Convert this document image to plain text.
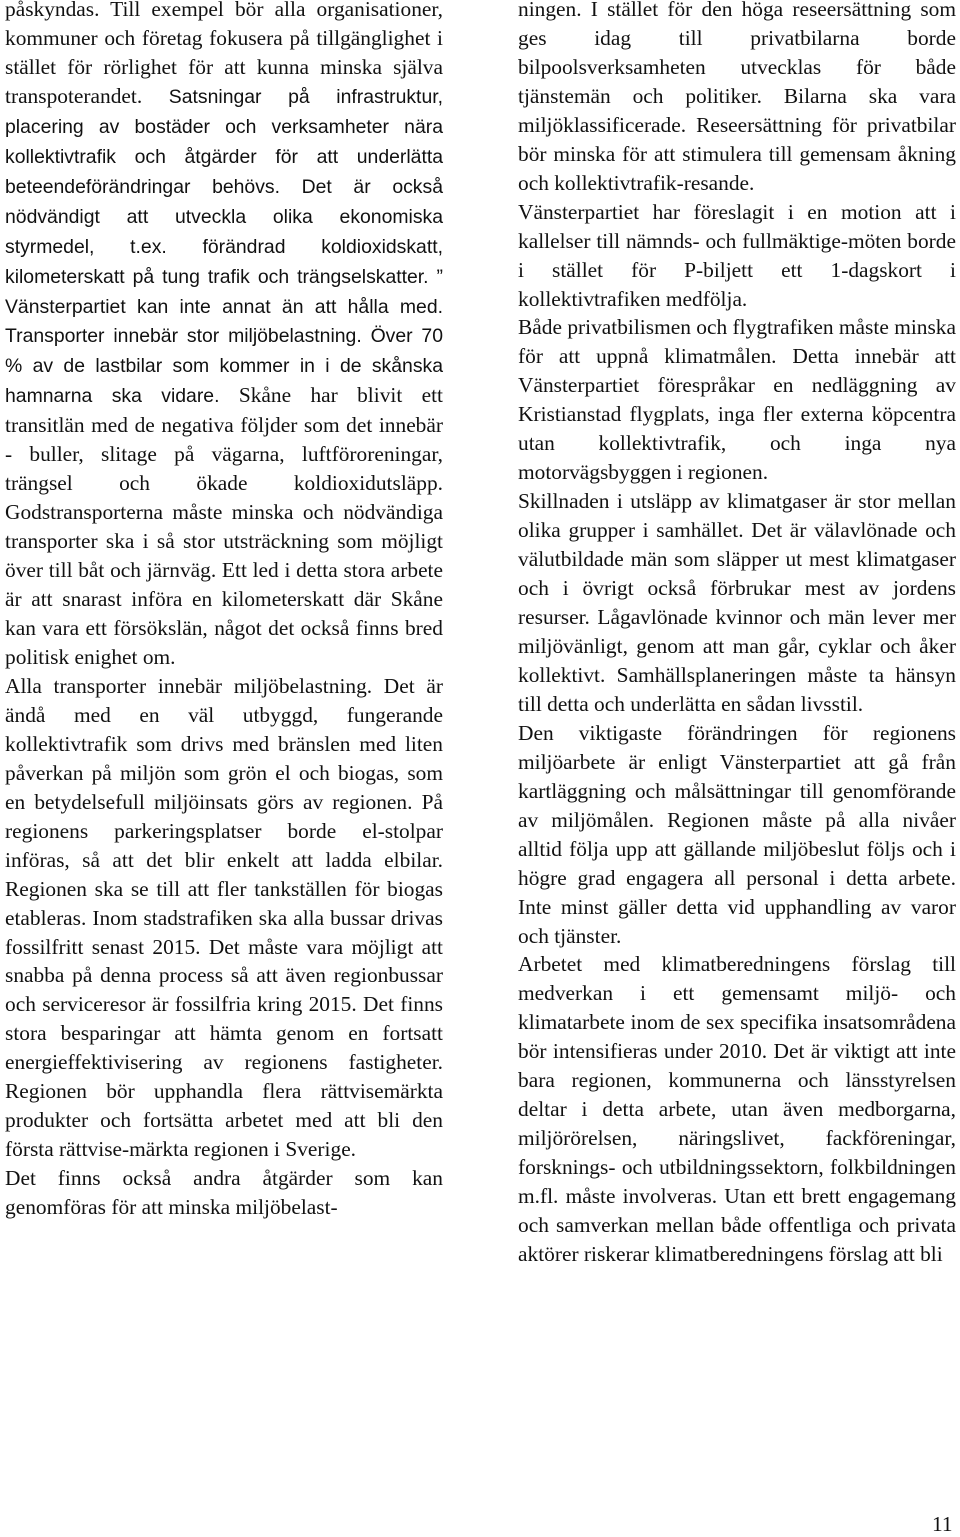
påskyndas. Till exempel bör alla organisationer, kommuner och företag fokusera på tillgänglighet i stället för rörlighet för att kunna minska själva transpoterandet. Satsningar på infrastruktur, placering av bostäder och verksamheter nära kollektivtrafik och åtgärder för att underlätta beteendeförändringar behövs. Det är också nödvändigt att utveckla olika ekonomiska styrmedel, t.ex. förändrad koldioxidskatt, kilometerskatt på tung trafik och trängselskatter. ” Vänsterpartiet kan inte annat än att hålla med. Transporter innebär stor miljöbelastning. Över 70 % av de lastbilar som kommer in i de skånska hamnarna ska vidare. Skåne har blivit ett transitlän med de negativa följder som det innebär - buller, slitage på vägarna, luftföroreningar, trängsel och ökade koldioxidutsläpp. Godstransporterna måste minska och nödvändiga transporter ska i så stor utsträckning som möjligt över till båt och järnväg. Ett led i detta stora arbete är att snarast införa en kilometerskatt där Skåne kan vara ett försökslän, något det också finns bred politisk enighet om.

Alla transporter innebär miljöbelastning. Det är ändå med en väl utbyggd, fungerande kollektivtrafik som drivs med bränslen med liten påverkan på miljön som grön el och biogas, som en betydelsefull miljöinsats görs av regionen. På regionens parkeringsplatser borde el-stolpar införas, så att det blir enkelt att ladda elbilar. Regionen ska se till att fler tankställen för biogas etableras. Inom stadstrafiken ska alla bussar drivas fossilfritt senast 2015. Det måste vara möjligt att snabba på denna process så att även regionbussar och serviceresor är fossilfria kring 2015. Det finns stora besparingar att hämta genom en fortsatt energieffektivisering av regionens fastigheter. Regionen bör upphandla flera rättvisemärkta produkter och fortsätta arbetet med att bli den första rättvise-märkta regionen i Sverige.

Det finns också andra åtgärder som kan genomföras för att minska miljöbelast-

ningen. I stället för den höga reseersättning som ges idag till privatbilarna borde bilpoolsverksamheten utvecklas för både tjänstemän och politiker. Bilarna ska vara miljöklassificerade. Reseersättning för privatbilar bör minska för att stimulera till gemensam åkning och kollektivtrafik-resande.

Vänsterpartiet har föreslagit i en motion att i kallelser till nämnds- och fullmäktige-möten borde i stället för P-biljett ett 1-dagskort i kollektivtrafiken medfölja.

Både privatbilismen och flygtrafiken måste minska för att uppnå klimatmålen. Detta innebär att Vänsterpartiet förespråkar en nedläggning av Kristianstad flygplats, inga fler externa köpcentra utan kollektivtrafik, och inga nya motorvägsbyggen i regionen.

Skillnaden i utsläpp av klimatgaser är stor mellan olika grupper i samhället. Det är välavlönade och välutbildade män som släpper ut mest klimatgaser och i övrigt också förbrukar mest av jordens resurser. Lågavlönade kvinnor och män lever mer miljövänligt, genom att man går, cyklar och åker kollektivt. Samhällsplaneringen måste ta hänsyn till detta och underlätta en sådan livsstil.

Den viktigaste förändringen för regionens miljöarbete är enligt Vänsterpartiet att gå från kartläggning och målsättningar till genomförande av miljömålen. Regionen måste på alla nivåer alltid följa upp att gällande miljöbeslut följs och i högre grad engagera all personal i detta arbete. Inte minst gäller detta vid upphandling av varor och tjänster.

Arbetet med klimatberedningens förslag till medverkan i ett gemensamt miljö- och klimatarbete inom de sex specifika insatsområdena bör intensifieras under 2010. Det är viktigt att inte bara regionen, kommunerna och länsstyrelsen deltar i detta arbete, utan även medborgarna, miljörörelsen, näringslivet, fackföreningar, forsknings- och utbildningssektorn, folkbildningen m.fl. måste involveras. Utan ett brett engagemang och samverkan mellan både offentliga och privata aktörer riskerar klimatberedningens förslag att bli

11
